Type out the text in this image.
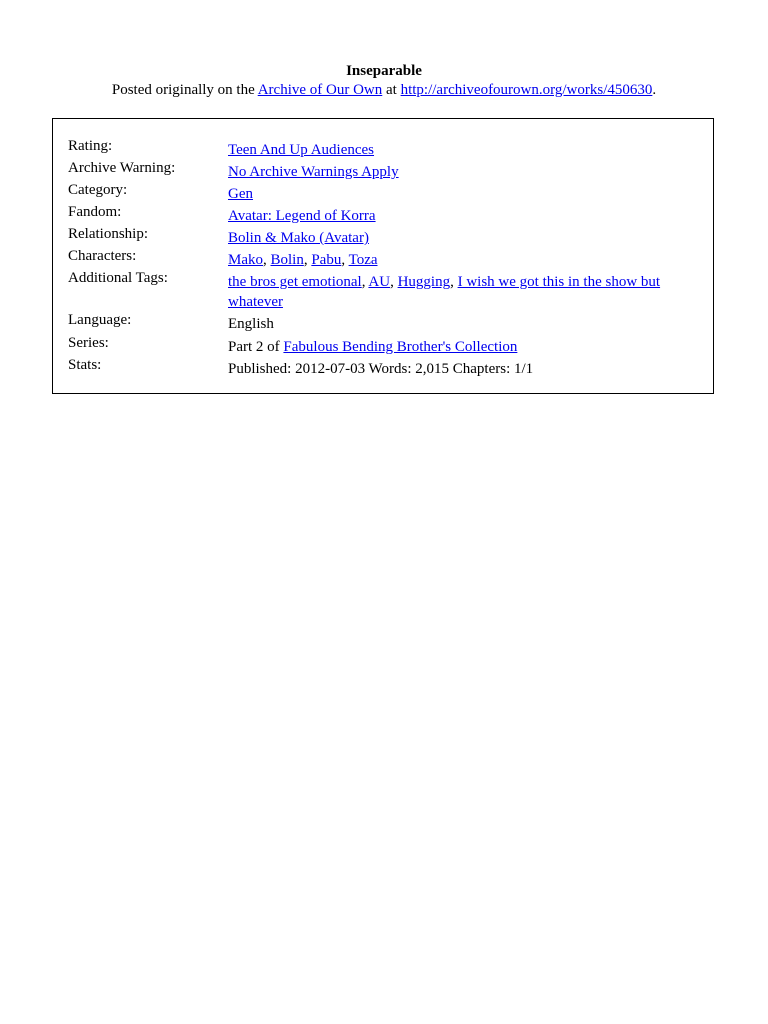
Inseparable
Posted originally on the Archive of Our Own at http://archiveofourown.org/works/450630.
Rating:	Teen And Up Audiences
Archive Warning:	No Archive Warnings Apply
Category:	Gen
Fandom:	Avatar: Legend of Korra
Relationship:	Bolin & Mako (Avatar)
Characters:	Mako, Bolin, Pabu, Toza
Additional Tags:	the bros get emotional, AU, Hugging, I wish we got this in the show but whatever
Language:	English
Series:	Part 2 of Fabulous Bending Brother's Collection
Stats:	Published: 2012-07-03 Words: 2,015 Chapters: 1/1
